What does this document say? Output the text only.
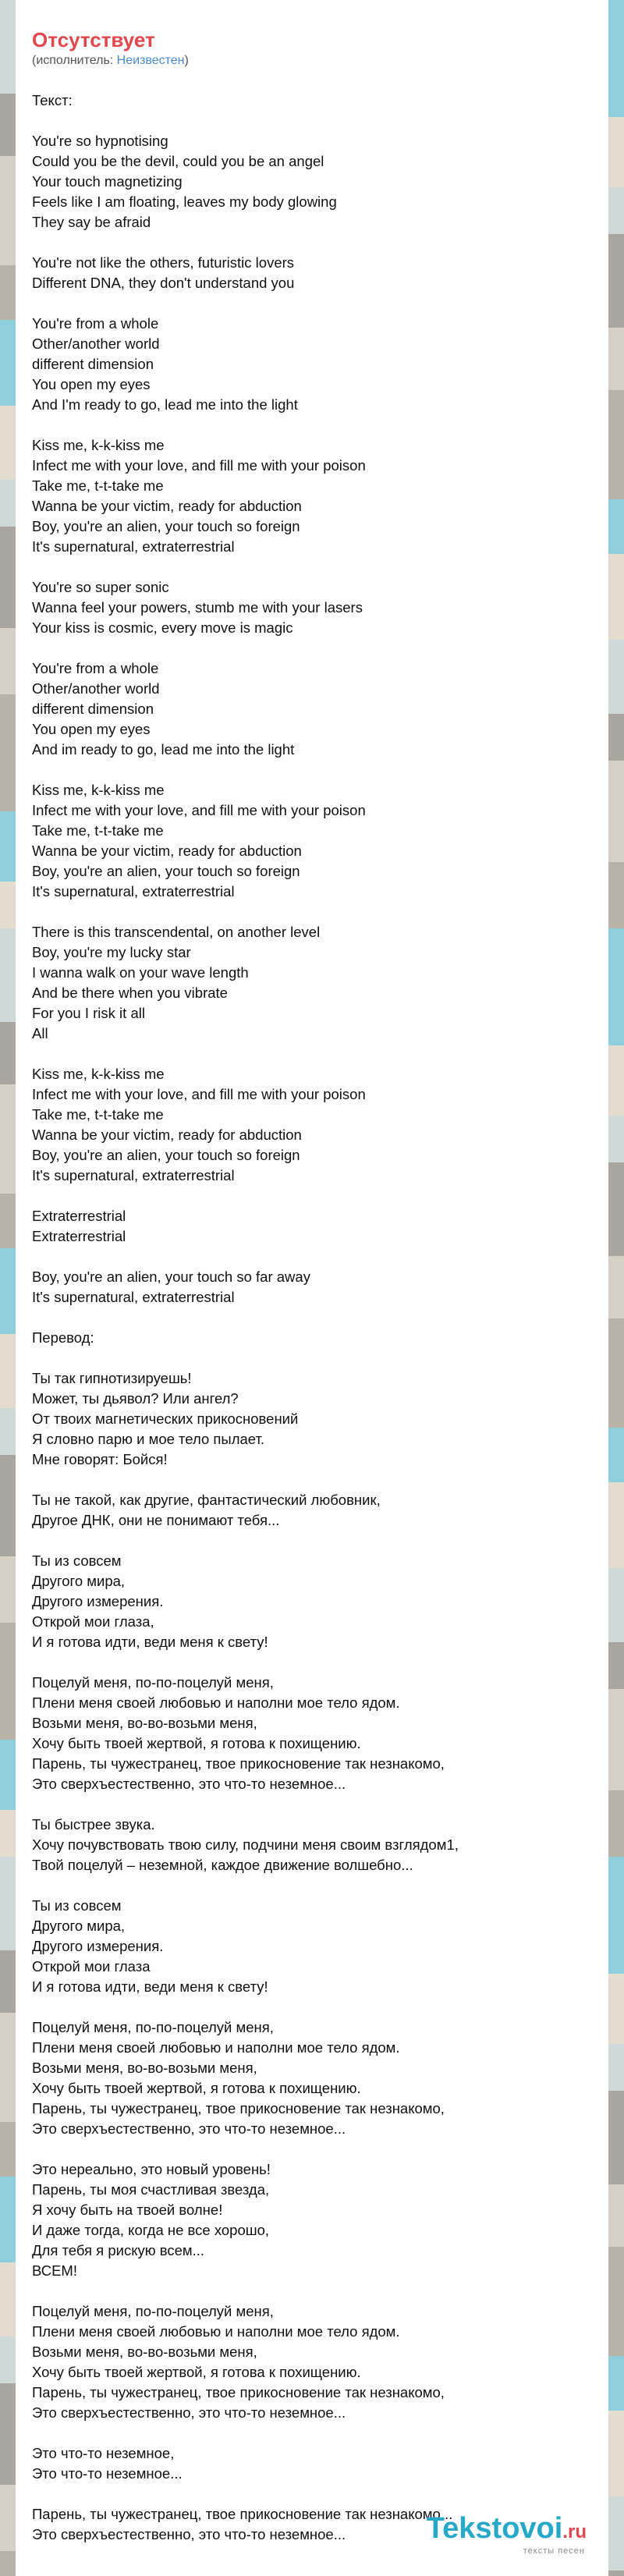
Отсутствует
(исполнитель: Неизвестен)
Текст:

You're so hypnotising
Could you be the devil, could you be an angel
Your touch magnetizing
Feels like I am floating, leaves my body glowing
They say be afraid

You're not like the others, futuristic lovers
Different DNA, they don't understand you

You're from a whole
Other/another world
different dimension
You open my eyes
And I'm ready to go, lead me into the light

Kiss me, k-k-kiss me
Infect me with your love, and fill me with your poison
Take me, t-t-take me
Wanna be your victim, ready for abduction
Boy, you're an alien, your touch so foreign
It's supernatural, extraterrestrial

You're so super sonic
Wanna feel your powers, stumb me with your lasers
Your kiss is cosmic, every move is magic

You're from a whole
Other/another world
different dimension
You open my eyes
And im ready to go, lead me into the light

Kiss me, k-k-kiss me
Infect me with your love, and fill me with your poison
Take me, t-t-take me
Wanna be your victim, ready for abduction
Boy, you're an alien, your touch so foreign
It's supernatural, extraterrestrial

There is this transcendental, on another level
Boy, you're my lucky star
I wanna walk on your wave length
And be there when you vibrate
For you I risk it all
All

Kiss me, k-k-kiss me
Infect me with your love, and fill me with your poison
Take me, t-t-take me
Wanna be your victim, ready for abduction
Boy, you're an alien, your touch so foreign
It's supernatural, extraterrestrial

Extraterrestrial
Extraterrestrial

Boy, you're an alien, your touch so far away
It's supernatural, extraterrestrial

Перевод:

Ты так гипнотизируешь!
Может, ты дьявол? Или ангел?
От твоих магнетических прикосновений
Я словно парю и мое тело пылает.
Мне говорят: Бойся!

Ты не такой, как другие, фантастический любовник,
Другое ДНК, они не понимают тебя...

Ты из совсем
Другого мира,
Другого измерения.
Открой мои глаза,
И я готова идти, веди меня к свету!

Поцелуй меня, по-по-поцелуй меня,
Плени меня своей любовью и наполни мое тело ядом.
Возьми меня, во-во-возьми меня,
Хочу быть твоей жертвой, я готова к похищению.
Парень, ты чужестранец, твое прикосновение так незнакомо,
Это сверхъестественно, это что-то неземное...

Ты быстрее звука.
Хочу почувствовать твою силу, подчини меня своим взглядом1,
Твой поцелуй – неземной, каждое движение волшебно...

Ты из совсем
Другого мира,
Другого измерения.
Открой мои глаза
И я готова идти, веди меня к свету!

Поцелуй меня, по-по-поцелуй меня,
Плени меня своей любовью и наполни мое тело ядом.
Возьми меня, во-во-возьми меня,
Хочу быть твоей жертвой, я готова к похищению.
Парень, ты чужестранец, твое прикосновение так незнакомо,
Это сверхъестественно, это что-то неземное...

Это нереально, это новый уровень!
Парень, ты моя счастливая звезда,
Я хочу быть на твоей волне!
И даже тогда, когда не все хорошо,
Для тебя я рискую всем...
ВСЕМ!

Поцелуй меня, по-по-поцелуй меня,
Плени меня своей любовью и наполни мое тело ядом.
Возьми меня, во-во-возьми меня,
Хочу быть твоей жертвой, я готова к похищению.
Парень, ты чужестранец, твое прикосновение так незнакомо,
Это сверхъестественно, это что-то неземное...

Это что-то неземное,
Это что-то неземное...

Парень, ты чужестранец, твое прикосновение так незнакомо...
Это сверхъестественно, это что-то неземное...	Tekstovoi.ru
тексты песен
